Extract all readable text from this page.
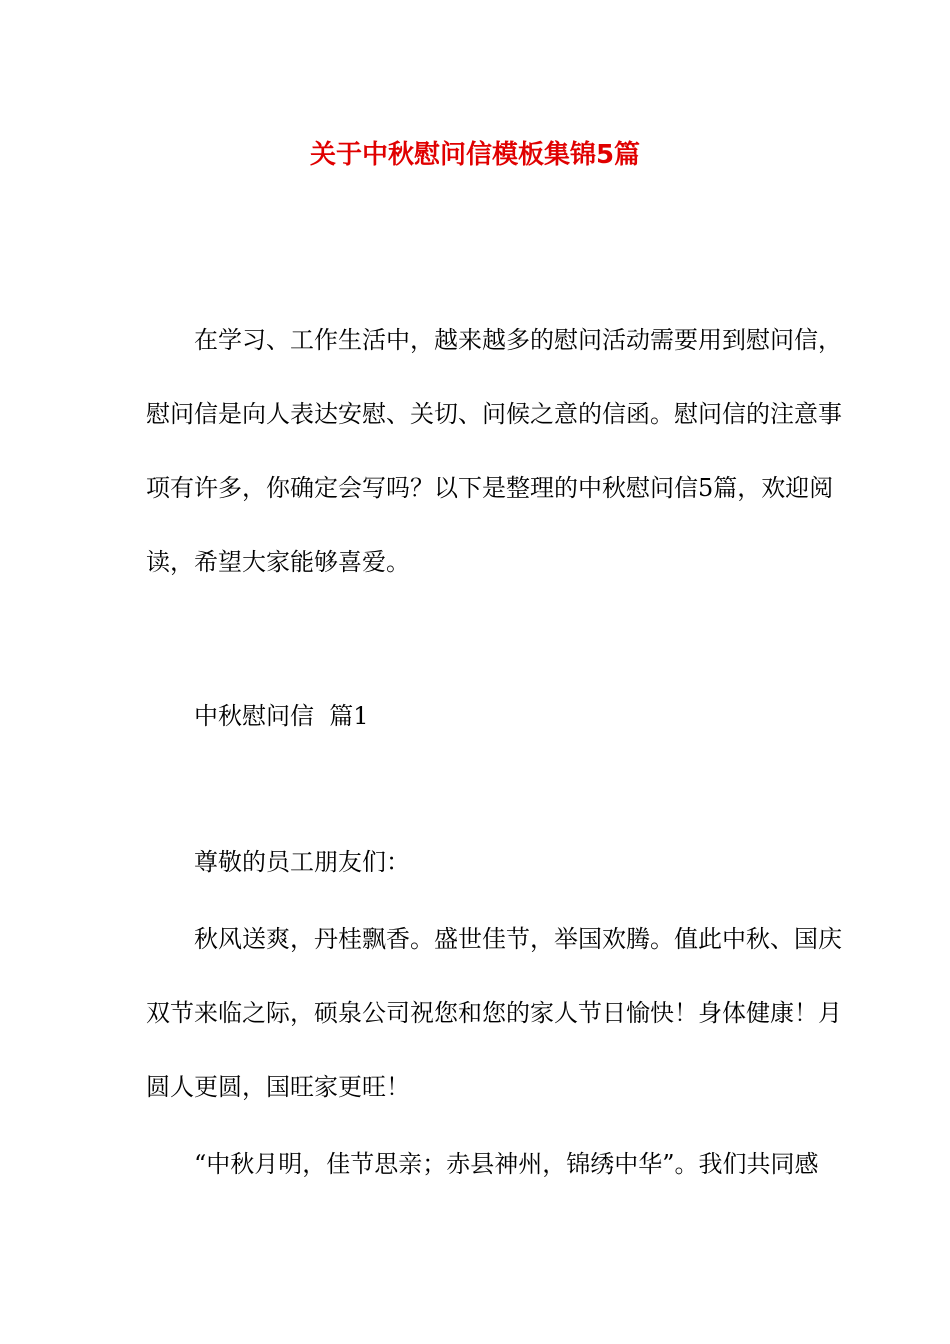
关于中秋慰问信模板集锦5篇
在学习、工作生活中，越来越多的慰问活动需要用到慰问信，
慰问信是向人表达安慰、关切、问候之意的信函。慰问信的注意事
项有许多，你确定会写吗？以下是整理的中秋慰问信5篇，欢迎阅
读，希望大家能够喜爱。
中秋慰问信  篇1
尊敬的员工朋友们：
秋风送爽，丹桂飘香。盛世佳节，举国欢腾。值此中秋、国庆
双节来临之际，硕泉公司祝您和您的家人节日愉快！身体健康！月
圆人更圆，国旺家更旺！
“中秋月明，佳节思亲；赤县神州，锦绣中华”。我们共同感
